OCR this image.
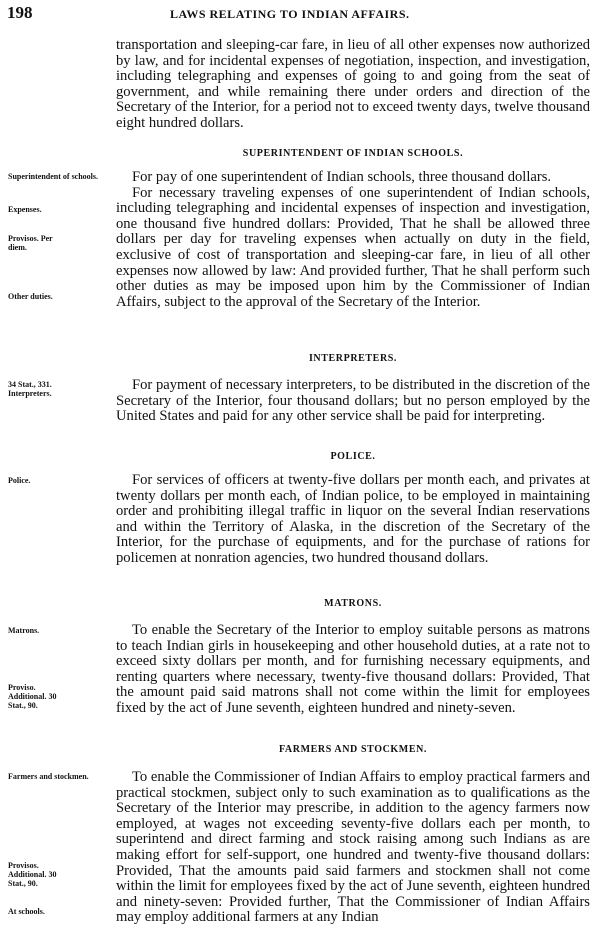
198	LAWS RELATING TO INDIAN AFFAIRS.

transportation and sleeping-car fare, in lieu of all other expenses now authorized by law, and for incidental expenses of negotiation, inspection, and investigation, including telegraphing and expenses of going to and going from the seat of government, and while remaining there under orders and direction of the Secretary of the Interior, for a period not to exceed twenty days, twelve thousand eight hundred dollars.

SUPERINTENDENT OF INDIAN SCHOOLS.
Superintendent of schools.
Expenses.
Provisos. Per diem.
Other duties.

For pay of one superintendent of Indian schools, three thousand dollars.

For necessary traveling expenses of one superintendent of Indian schools, including telegraphing and incidental expenses of inspection and investigation, one thousand five hundred dollars: Provided, That he shall be allowed three dollars per day for traveling expenses when actually on duty in the field, exclusive of cost of transportation and sleeping-car fare, in lieu of all other expenses now allowed by law: And provided further, That he shall perform such other duties as may be imposed upon him by the Commissioner of Indian Affairs, subject to the approval of the Secretary of the Interior.

INTERPRETERS.
34 Stat., 331. Interpreters.

For payment of necessary interpreters, to be distributed in the discretion of the Secretary of the Interior, four thousand dollars; but no person employed by the United States and paid for any other service shall be paid for interpreting.

POLICE.
Police.	For services of officers at twenty-five dollars per month each, and privates at twenty dollars per month each, of Indian police, to be employed in maintaining order and prohibiting illegal traffic in liquor on the several Indian reservations and within the Territory of Alaska, in the discretion of the Secretary of the Interior, for the purchase of equipments, and for the purchase of rations for policemen at nonration agencies, two hundred thousand dollars.

MATRONS.
Matrons.
Proviso. Additional. 30 Stat., 90.

To enable the Secretary of the Interior to employ suitable persons as matrons to teach Indian girls in housekeeping and other household duties, at a rate not to exceed sixty dollars per month, and for furnishing necessary equipments, and renting quarters where necessary, twenty-five thousand dollars: Provided, That the amount paid said matrons shall not come within the limit for employees fixed by the act of June seventh, eighteen hundred and ninety-seven.

FARMERS AND STOCKMEN.
Farmers and stockmen.
Provisos. Additional. 30 Stat., 90.
At schools.

To enable the Commissioner of Indian Affairs to employ practical farmers and practical stockmen, subject only to such examination as to qualifications as the Secretary of the Interior may prescribe, in addition to the agency farmers now employed, at wages not exceeding seventy-five dollars each per month, to superintend and direct farming and stock raising among such Indians as are making effort for self-support, one hundred and twenty-five thousand dollars: Provided, That the amounts paid said farmers and stockmen shall not come within the limit for employees fixed by the act of June seventh, eighteen hundred and ninety-seven: Provided further, That the Commissioner of Indian Affairs may employ additional farmers at any Indian
